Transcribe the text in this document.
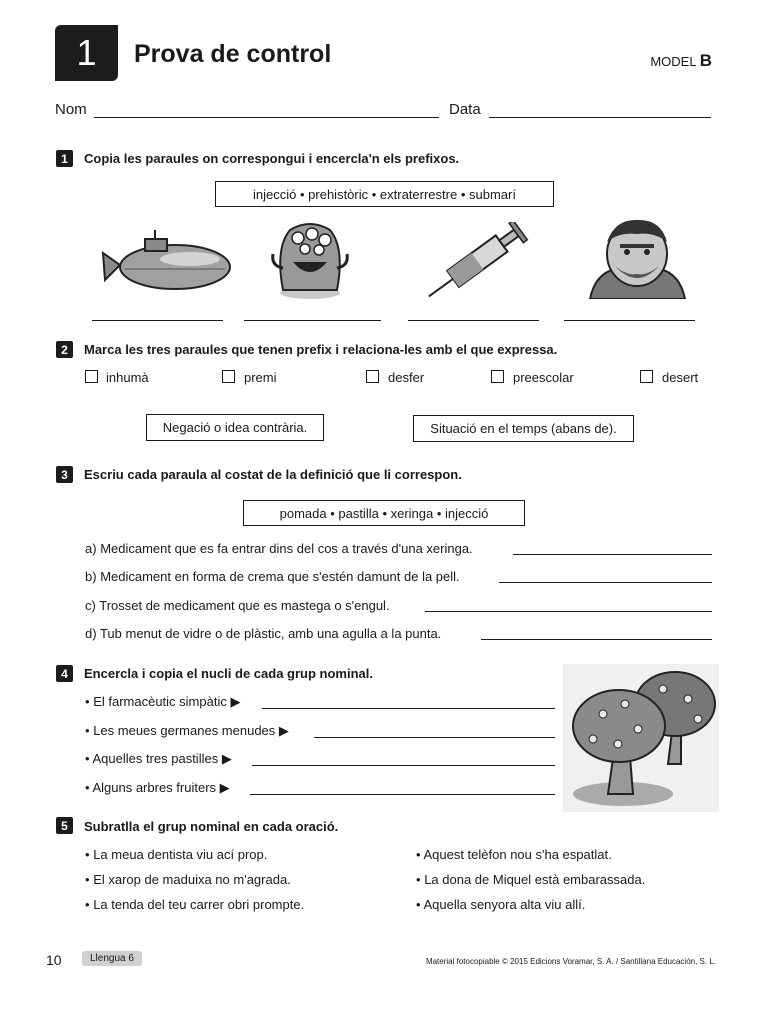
1	Prova de control	MODEL B
Nom	Data
1	Copia les paraules on correspongui i encercla'n els prefixos.
injecció • prehistòric • extraterrestre • submarí
2	Marca les tres paraules que tenen prefix i relaciona-les amb el que expressa.
inhumà	premi	desfer	preescolar	desert
Negació o idea contrària.	Situació en el temps (abans de).
3	Escriu cada paraula al costat de la definició que li correspon.
pomada • pastilla • xeringa • injecció
a) Medicament que es fa entrar dins del cos a través d'una xeringa.
b) Medicament en forma de crema que s'estén damunt de la pell.
c) Trosset de medicament que es mastega o s'engul.
d) Tub menut de vidre o de plàstic, amb una agulla a la punta.
4	Encercla i copia el nucli de cada grup nominal.
• El farmacèutic simpàtic ▶
• Les meues germanes menudes ▶
• Aquelles tres pastilles ▶
• Alguns arbres fruiters ▶
5	Subratlla el grup nominal en cada oració.
• La meua dentista viu ací prop.
• El xarop de maduixa no m'agrada.
• La tenda del teu carrer obri prompte.
• Aquest telèfon nou s'ha espatlat.
• La dona de Miquel està embarassada.
• Aquella senyora alta viu allí.
10	Llengua 6	Material fotocopiable © 2015 Edicions Voramar, S. A. / Santillana Educación, S. L.
